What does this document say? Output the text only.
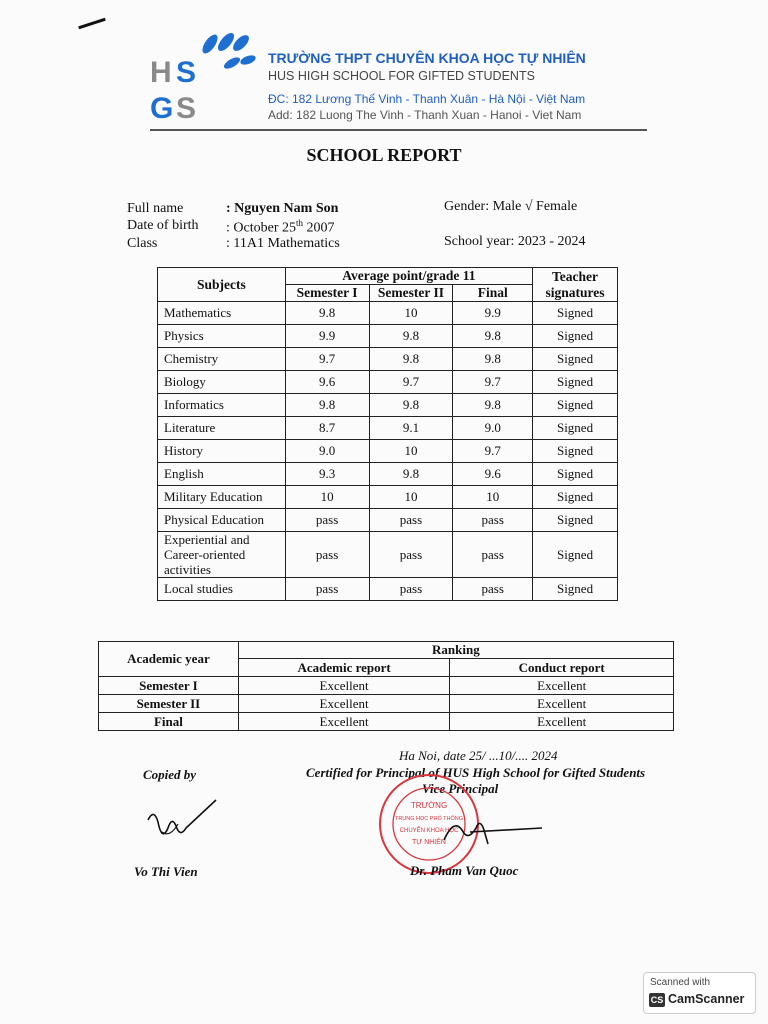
H S
G S
TRƯỜNG THPT CHUYÊN KHOA HỌC TỰ NHIÊN
HUS HIGH SCHOOL FOR GIFTED STUDENTS
ĐC: 182 Lương Thế Vinh - Thanh Xuân - Hà Nội - Việt Nam
Add: 182 Luong The Vinh - Thanh Xuan - Hanoi - Viet Nam
SCHOOL REPORT
Full name	: Nguyen Nam Son
Date of birth : October 25th 2007
Class	: 11A1 Mathematics
Gender: Male √ Female
School year: 2023 - 2024
Subjects	Average point/grade 11			Teacher signatures
	Semester I	Semester II	Final	
Mathematics	9.8	10	9.9	Signed
Physics	9.9	9.8	9.8	Signed
Chemistry	9.7	9.8	9.8	Signed
Biology	9.6	9.7	9.7	Signed
Informatics	9.8	9.8	9.8	Signed
Literature	8.7	9.1	9.0	Signed
History	9.0	10	9.7	Signed
English	9.3	9.8	9.6	Signed
Military Education	10	10	10	Signed
Physical Education	pass	pass	pass	Signed
Experiential and Career-oriented activities	pass	pass	pass	Signed
Local studies	pass	pass	pass	Signed
Academic year	Ranking	
	Academic report	Conduct report
Semester I	Excellent	Excellent
Semester II	Excellent	Excellent
Final	Excellent	Excellent
Ha Noi, date 25/ ...10/.... 2024
Certified for Principal of HUS High School for Gifted Students
Vice Principal
Copied by
Vo Thi Vien
TRƯỜNG
TRUNG HỌC PHỔ THÔNG
CHUYÊN KHOA HỌC
TỰ NHIÊN
Dr. Pham Van Quoc
Scanned with
CS CamScanner
